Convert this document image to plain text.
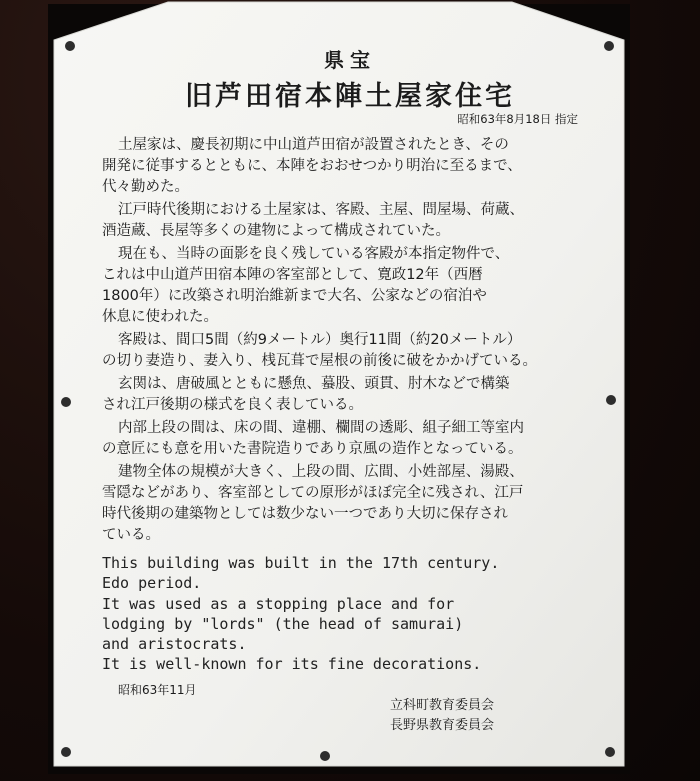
県宝
旧芦田宿本陣土屋家住宅
昭和63年8月18日 指定
土屋家は、慶長初期に中山道芦田宿が設置されたとき、その
開発に従事するとともに、本陣をおおせつかり明治に至るまで、
代々勤めた。
江戸時代後期における土屋家は、客殿、主屋、問屋場、荷蔵、
酒造蔵、長屋等多くの建物によって構成されていた。
現在も、当時の面影を良く残している客殿が本指定物件で、
これは中山道芦田宿本陣の客室部として、寛政12年（西暦
1800年）に改築され明治維新まで大名、公家などの宿泊や
休息に使われた。
客殿は、間口5間（約9メートル）奥行11間（約20メートル）
の切り妻造り、妻入り、桟瓦葺で屋根の前後に破をかかげている。
玄関は、唐破風とともに懸魚、蟇股、頭貫、肘木などで構築
され江戸後期の様式を良く表している。
内部上段の間は、床の間、違棚、欄間の透彫、組子細工等室内
の意匠にも意を用いた書院造りであり京風の造作となっている。
建物全体の規模が大きく、上段の間、広間、小姓部屋、湯殿、
雪隠などがあり、客室部としての原形がほぼ完全に残され、江戸
時代後期の建築物としては数少ない一つであり大切に保存され
ている。
This building was built in the 17th century.
Edo period.
It was used as a stopping place and for
lodging by "lords" (the head of samurai)
and aristocrats.
It is well-known for its fine decorations.
昭和63年11月
立科町教育委員会
長野県教育委員会
